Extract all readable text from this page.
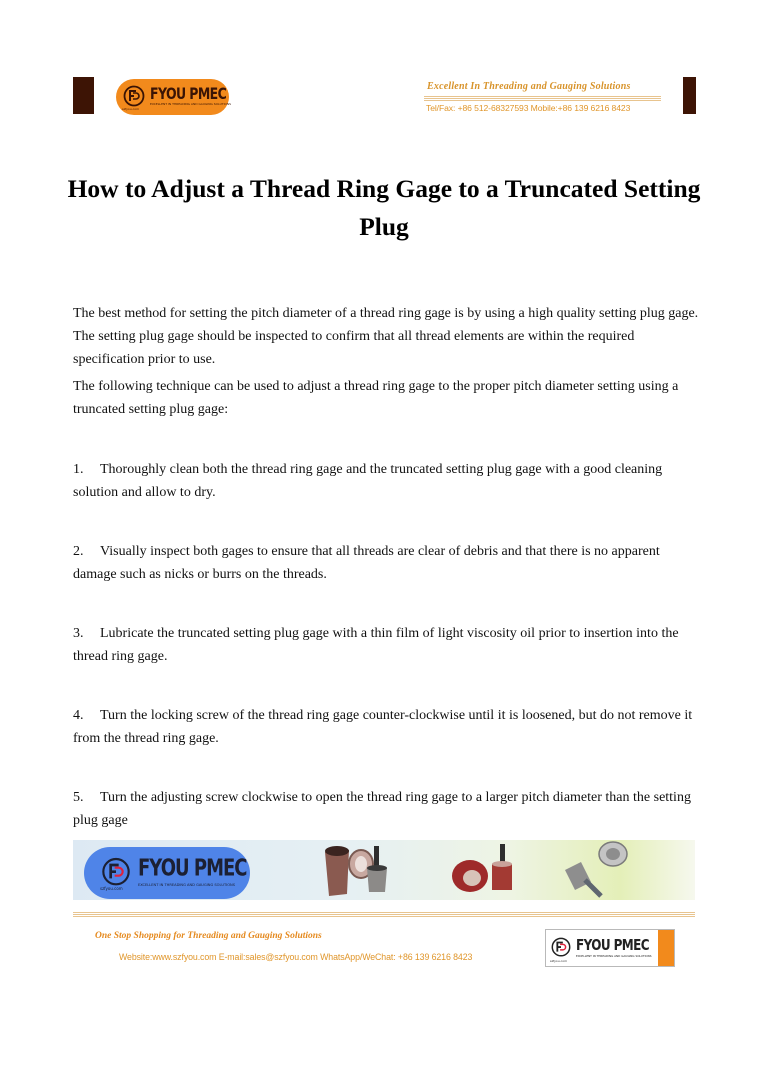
FYOU PMEC
EXCELLENT IN THREADING AND GAUGING SOLUTIONS
szfyou.com
Excellent In Threading and Gauging Solutions
Tel/Fax: +86 512-68327593 Mobile:+86 139 6216 8423
How to Adjust a Thread Ring Gage to a Truncated Setting Plug

The best method for setting the pitch diameter of a thread ring gage is by using a high quality setting plug gage. The setting plug gage should be inspected to confirm that all thread elements are within the required specification prior to use.

The following technique can be used to adjust a thread ring gage to the proper pitch diameter setting using a truncated setting plug gage:

1. Thoroughly clean both the thread ring gage and the truncated setting plug gage with a good cleaning solution and allow to dry.
2. Visually inspect both gages to ensure that all threads are clear of debris and that there is no apparent damage such as nicks or burrs on the threads.
3. Lubricate the truncated setting plug gage with a thin film of light viscosity oil prior to insertion into the thread ring gage.
4. Turn the locking screw of the thread ring gage counter-clockwise until it is loosened, but do not remove it from the thread ring gage.
5. Turn the adjusting screw clockwise to open the thread ring gage to a larger pitch diameter than the setting plug gage
FYOU PMEC
EXCELLENT IN THREADING AND GAUGING SOLUTIONS
szfyou.com
One Stop Shopping for Threading and Gauging Solutions
Website:www.szfyou.com E-mail:sales@szfyou.com WhatsApp/WeChat: +86 139 6216 8423
FYOU PMEC
EXCELLENT IN THREADING AND GAUGING SOLUTIONS
szfyou.com
